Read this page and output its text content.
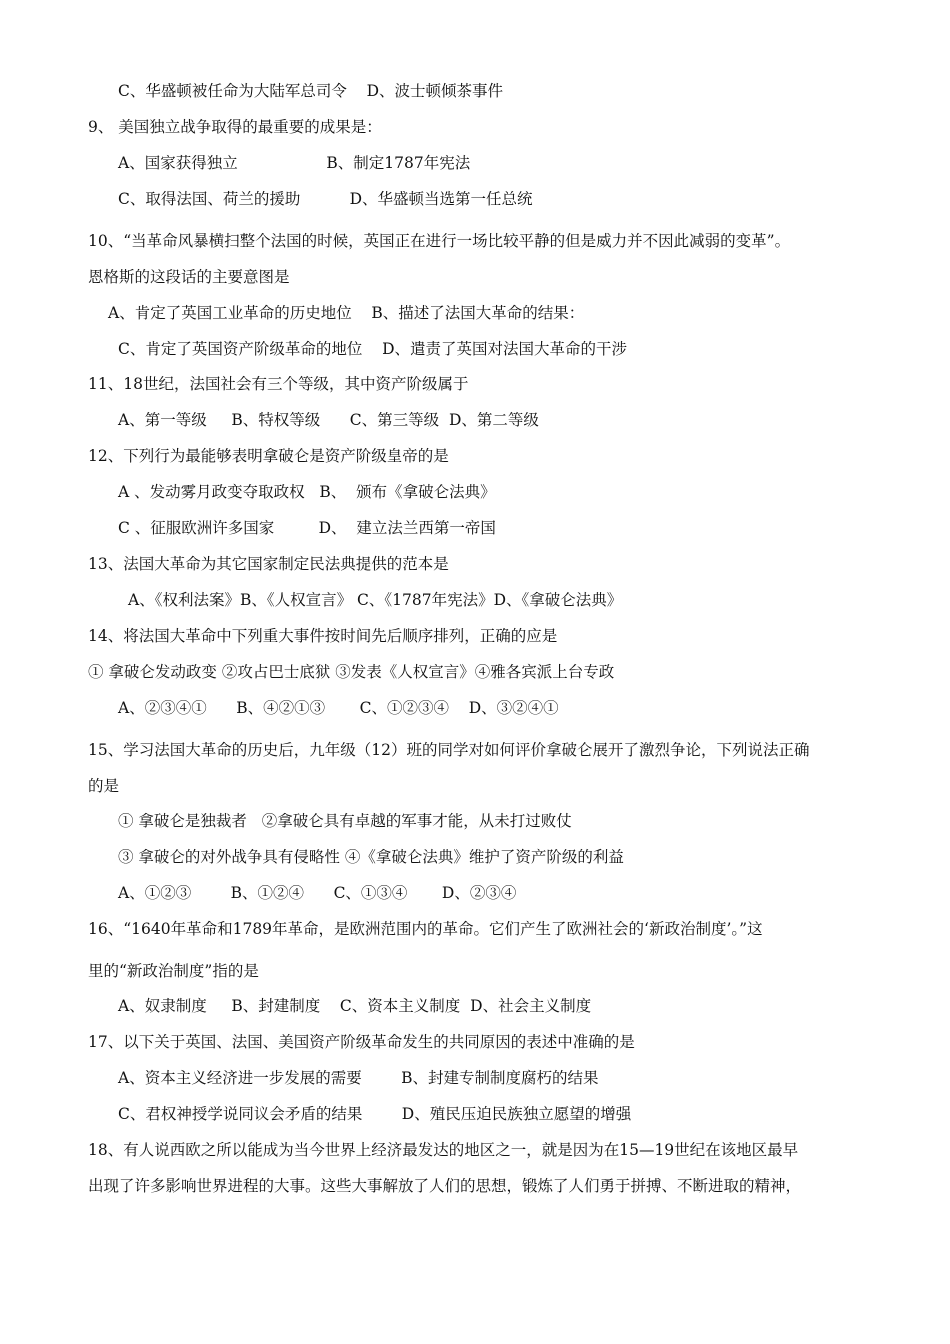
C、华盛顿被任命为大陆军总司令    D、波士顿倾茶事件
9、 美国独立战争取得的最重要的成果是：
A、国家获得独立                  B、制定1787年宪法
C、取得法国、荷兰的援助          D、华盛顿当选第一任总统
10、“当革命风暴横扫整个法国的时候，英国正在进行一场比较平静的但是威力并不因此减弱的变革”。
恩格斯的这段话的主要意图是
A、肯定了英国工业革命的历史地位    B、描述了法国大革命的结果：
C、肯定了英国资产阶级革命的地位    D、遣责了英国对法国大革命的干涉
11、18世纪，法国社会有三个等级，其中资产阶级属于
A、第一等级     B、特权等级      C、第三等级  D、第二等级
12、下列行为最能够表明拿破仑是资产阶级皇帝的是
A 、发动雾月政变夺取政权   B、  颁布《拿破仑法典》
C 、征服欧洲许多国家         D、  建立法兰西第一帝国
13、法国大革命为其它国家制定民法典提供的范本是
A、《权利法案》B、《人权宣言》 C、《1787年宪法》D、《拿破仑法典》
14、将法国大革命中下列重大事件按时间先后顺序排列，正确的应是
① 拿破仑发动政变 ②攻占巴士底狱 ③发表《人权宣言》④雅各宾派上台专政
A、②③④①      B、④②①③       C、①②③④    D、③②④①
15、学习法国大革命的历史后，九年级（12）班的同学对如何评价拿破仑展开了激烈争论，下列说法正确
的是
① 拿破仑是独裁者   ②拿破仑具有卓越的军事才能，从未打过败仗
③ 拿破仑的对外战争具有侵略性 ④《拿破仑法典》维护了资产阶级的利益
A、①②③        B、①②④      C、①③④       D、②③④
16、“1640年革命和1789年革命，是欧洲范围内的革命。它们产生了欧洲社会的‘新政治制度’。”这
里的“新政治制度”指的是
A、奴隶制度     B、封建制度    C、资本主义制度  D、社会主义制度
17、以下关于英国、法国、美国资产阶级革命发生的共同原因的表述中准确的是
A、资本主义经济进一步发展的需要        B、封建专制制度腐朽的结果
C、君权神授学说同议会矛盾的结果        D、殖民压迫民族独立愿望的增强
18、有人说西欧之所以能成为当今世界上经济最发达的地区之一，就是因为在15—19世纪在该地区最早
出现了许多影响世界进程的大事。这些大事解放了人们的思想，锻炼了人们勇于拼搏、不断进取的精神，
